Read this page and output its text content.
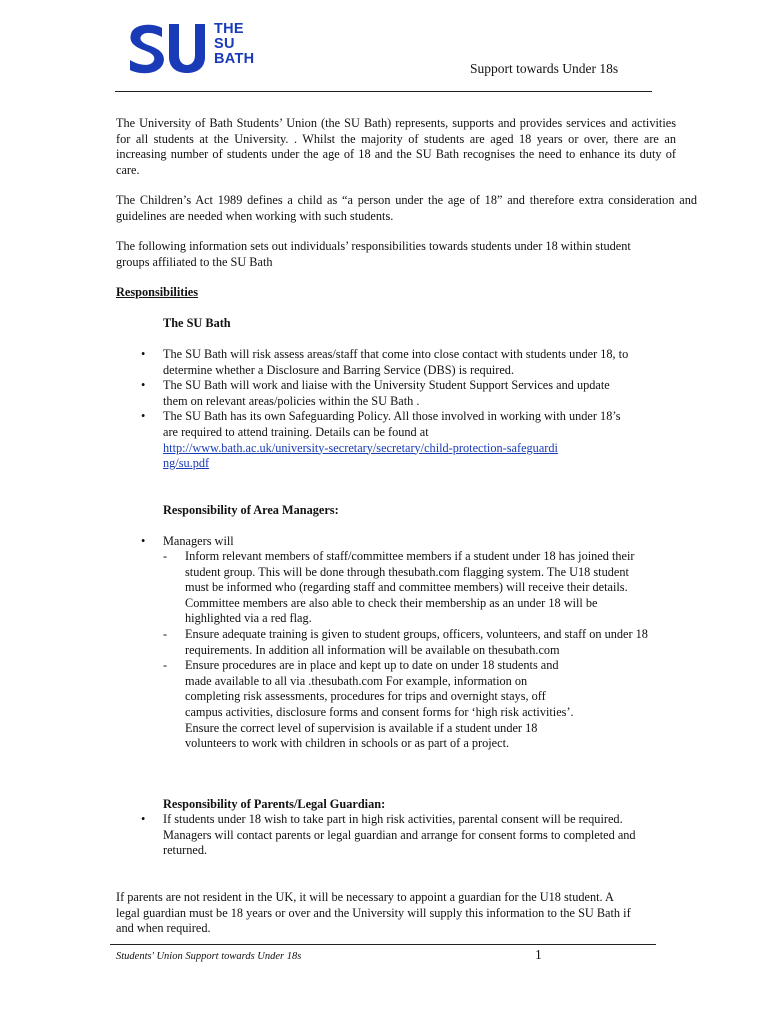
THE
SU
BATH
Support towards Under 18s
The University of Bath Students’ Union (the SU Bath) represents, supports and provides services and activities for all students at the University. . Whilst the majority of students are aged 18 years or over, there are an increasing number of students under the age of 18 and the SU Bath recognises the need to enhance its duty of care.
The Children’s Act 1989 defines a child as “a person under the age of 18” and therefore extra consideration and guidelines are needed when working with such students.
The following information sets out individuals’ responsibilities towards students under 18 within student groups affiliated to the SU Bath
Responsibilities
The SU Bath
• The SU Bath will risk assess areas/staff that come into close contact with students under 18, to determine whether a Disclosure and Barring Service (DBS) is required.
• The SU Bath will work and liaise with the University Student Support Services and update them on relevant areas/policies within the SU Bath .
• The SU Bath has its own Safeguarding Policy. All those involved in working with under 18’s are required to attend training. Details can be found at
http://www.bath.ac.uk/university-secretary/secretary/child-protection-safeguarding/su.pdf
Responsibility of Area Managers:
• Managers will
- Inform relevant members of staff/committee members if a student under 18 has joined their student group. This will be done through thesubath.com flagging system. The U18 student must be informed who (regarding staff and committee members) will receive their details. Committee members are also able to check their membership as an under 18 will be highlighted via a red flag.
- Ensure adequate training is given to student groups, officers, volunteers, and staff on under 18 requirements. In addition all information will be available on thesubath.com
- Ensure procedures are in place and kept up to date on under 18 students and made available to all via .thesubath.com For example, information on completing risk assessments, procedures for trips and overnight stays, off campus activities, disclosure forms and consent forms for ‘high risk activities’. Ensure the correct level of supervision is available if a student under 18 volunteers to work with children in schools or as part of a project.
Responsibility of Parents/Legal Guardian:
• If students under 18 wish to take part in high risk activities, parental consent will be required. Managers will contact parents or legal guardian and arrange for consent forms to completed and returned.
If parents are not resident in the UK, it will be necessary to appoint a guardian for the U18 student. A legal guardian must be 18 years or over and the University will supply this information to the SU Bath if and when required.
Students' Union Support towards Under 18s	1
